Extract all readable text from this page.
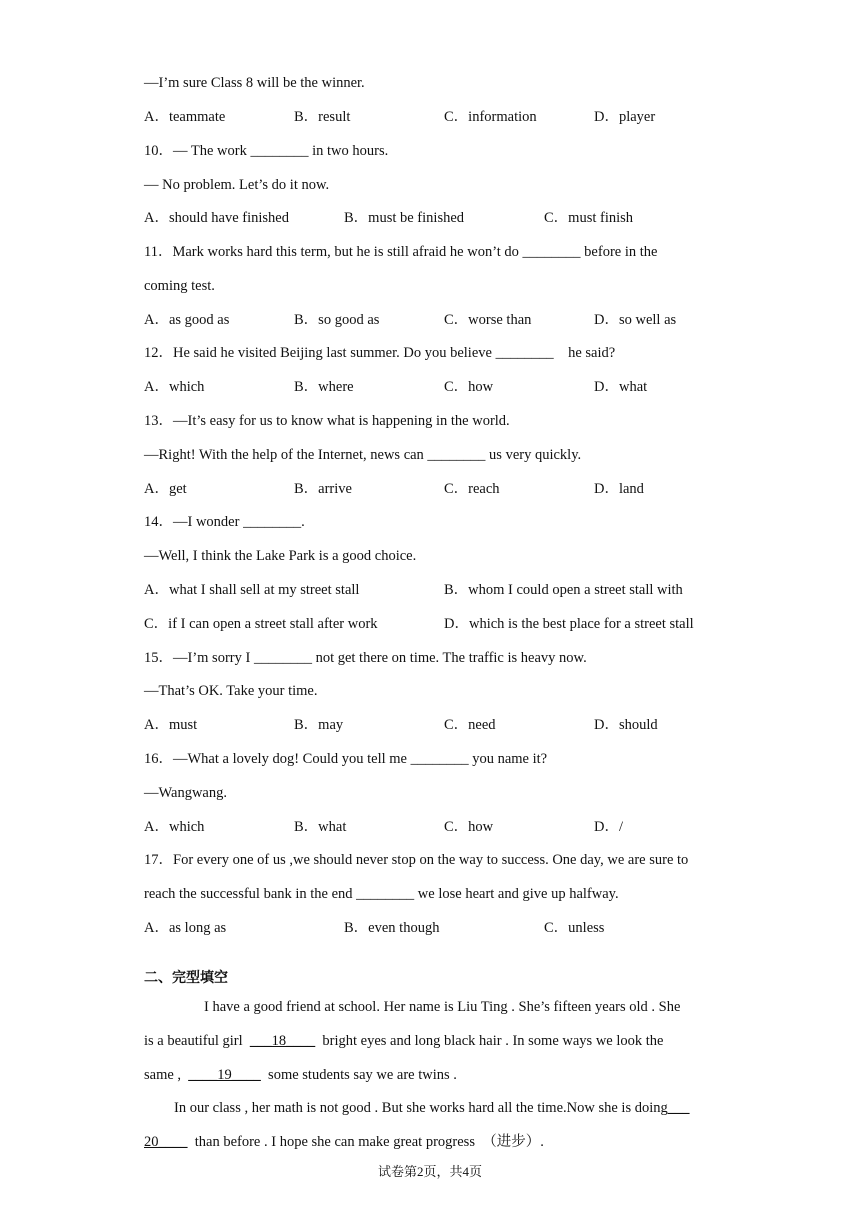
—I’m sure Class 8 will be the winner.

A．teammate

	B．result

	C．information

	D．player

10．— The work ________ in two hours.
— No problem. Let’s do it now.

A．should have finished

	B．must be finished

	C．must finish

11．Mark works hard this term, but he is still afraid he won’t do ________ before in the
coming test.

A．as good as

	B．so good as

	C．worse than

	D．so well as

12．He said he visited Beijing last summer. Do you believe ________    he said?

A．which

	B．where

	C．how

	D．what

13．—It’s easy for us to know what is happening in the world.
—Right! With the help of the Internet, news can ________ us very quickly.

A．get

	B．arrive

	C．reach

	D．land

14．—I wonder ________.
—Well, I think the Lake Park is a good choice.

A．what I shall sell at my street stall

	B．whom I could open a street stall with

C．if I can open a street stall after work

	D．which is the best place for a street stall

15．—I’m sorry I ________ not get there on time. The traffic is heavy now.
—That’s OK. Take your time.

A．must

	B．may

	C．need

	D．should

16．—What a lovely dog! Could you tell me ________ you name it?
—Wangwang.

A．which

	B．what

	C．how

	D．/

17．For every one of us ,we should never stop on the way to success. One day, we are sure to
reach the successful bank in the end ________ we lose heart and give up halfway.

A．as long as

	B．even though

	C．unless

二、完型填空
I have a good friend at school. Her name is Liu Ting . She’s fifteen years old . She
is a beautiful girl  ___18____  bright eyes and long black hair . In some ways we look the
same ,  ____19____  some students say we are twins .
In our class , her math is not good . But she works hard all the time.Now she is doing___
20____  than before . I hope she can make great progress  （进步）.
试卷第2页，共4页
